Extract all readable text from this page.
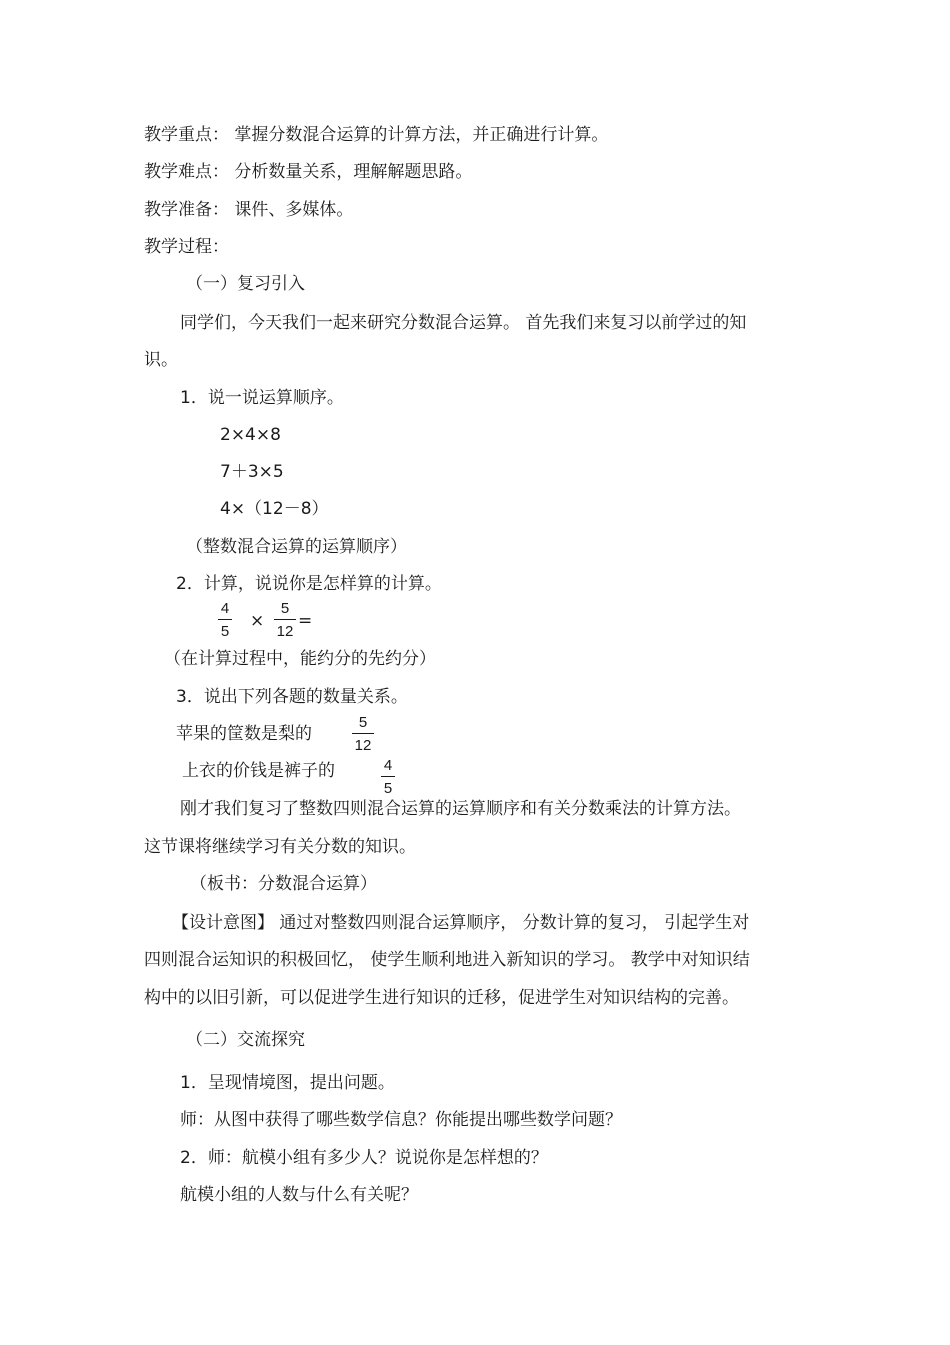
教学重点： 掌握分数混合运算的计算方法，并正确进行计算。
教学难点： 分析数量关系，理解解题思路。
教学准备： 课件、多媒体。
教学过程：
（一）复习引入
同学们，今天我们一起来研究分数混合运算。 首先我们来复习以前学过的知
识。
1．说一说运算顺序。
2×4×8
7＋3×5
4×（12－8）
（整数混合运算的运算顺序）
2．计算，说说你是怎样算的计算。
4
5
×
5
12
=
（在计算过程中，能约分的先约分）
3．说出下列各题的数量关系。
苹果的筐数是梨的
5
12
上衣的价钱是裤子的	4
5
刚才我们复习了整数四则混合运算的运算顺序和有关分数乘法的计算方法。
这节课将继续学习有关分数的知识。
（板书：分数混合运算）
【设计意图】 通过对整数四则混合运算顺序， 分数计算的复习， 引起学生对
四则混合运知识的积极回忆， 使学生顺利地进入新知识的学习。 教学中对知识结
构中的以旧引新，可以促进学生进行知识的迁移，促进学生对知识结构的完善。
（二）交流探究
1．呈现情境图，提出问题。
师：从图中获得了哪些数学信息？你能提出哪些数学问题？
2．师：航模小组有多少人？说说你是怎样想的？
航模小组的人数与什么有关呢？
